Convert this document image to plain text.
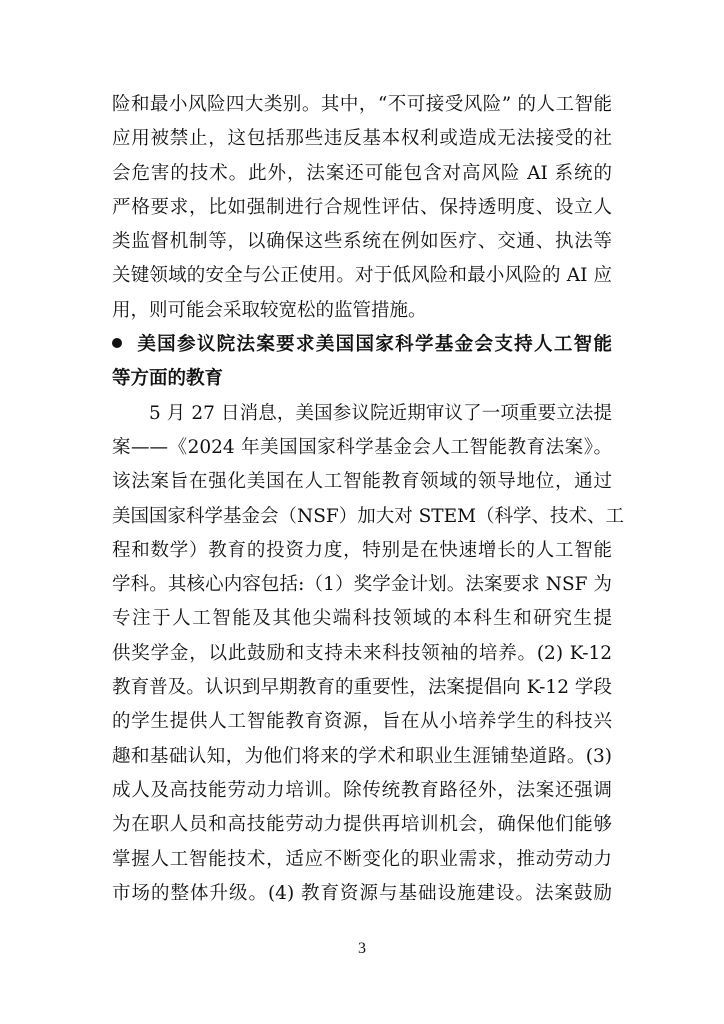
险和最小风险四大类别。其中，“不可接受风险” 的人工智能
应用被禁止，这包括那些违反基本权利或造成无法接受的社
会危害的技术。此外，法案还可能包含对高风险 AI 系统的
严格要求，比如强制进行合规性评估、保持透明度、设立人
类监督机制等，以确保这些系统在例如医疗、交通、执法等
关键领域的安全与公正使用。对于低风险和最小风险的 AI 应
用，则可能会采取较宽松的监管措施。
美国参议院法案要求美国国家科学基金会支持人工智能
等方面的教育
5 月 27 日消息，美国参议院近期审议了一项重要立法提
案——《2024 年美国国家科学基金会人工智能教育法案》。
该法案旨在强化美国在人工智能教育领域的领导地位，通过
美国国家科学基金会（NSF）加大对 STEM（科学、技术、工
程和数学）教育的投资力度，特别是在快速增长的人工智能
学科。其核心内容包括:（1）奖学金计划。法案要求 NSF 为
专注于人工智能及其他尖端科技领域的本科生和研究生提
供奖学金，以此鼓励和支持未来科技领袖的培养。(2) K-12
教育普及。认识到早期教育的重要性，法案提倡向 K-12 学段
的学生提供人工智能教育资源，旨在从小培养学生的科技兴
趣和基础认知，为他们将来的学术和职业生涯铺垫道路。(3)
成人及高技能劳动力培训。除传统教育路径外，法案还强调
为在职人员和高技能劳动力提供再培训机会，确保他们能够
掌握人工智能技术，适应不断变化的职业需求，推动劳动力
市场的整体升级。(4) 教育资源与基础设施建设。法案鼓励
3
